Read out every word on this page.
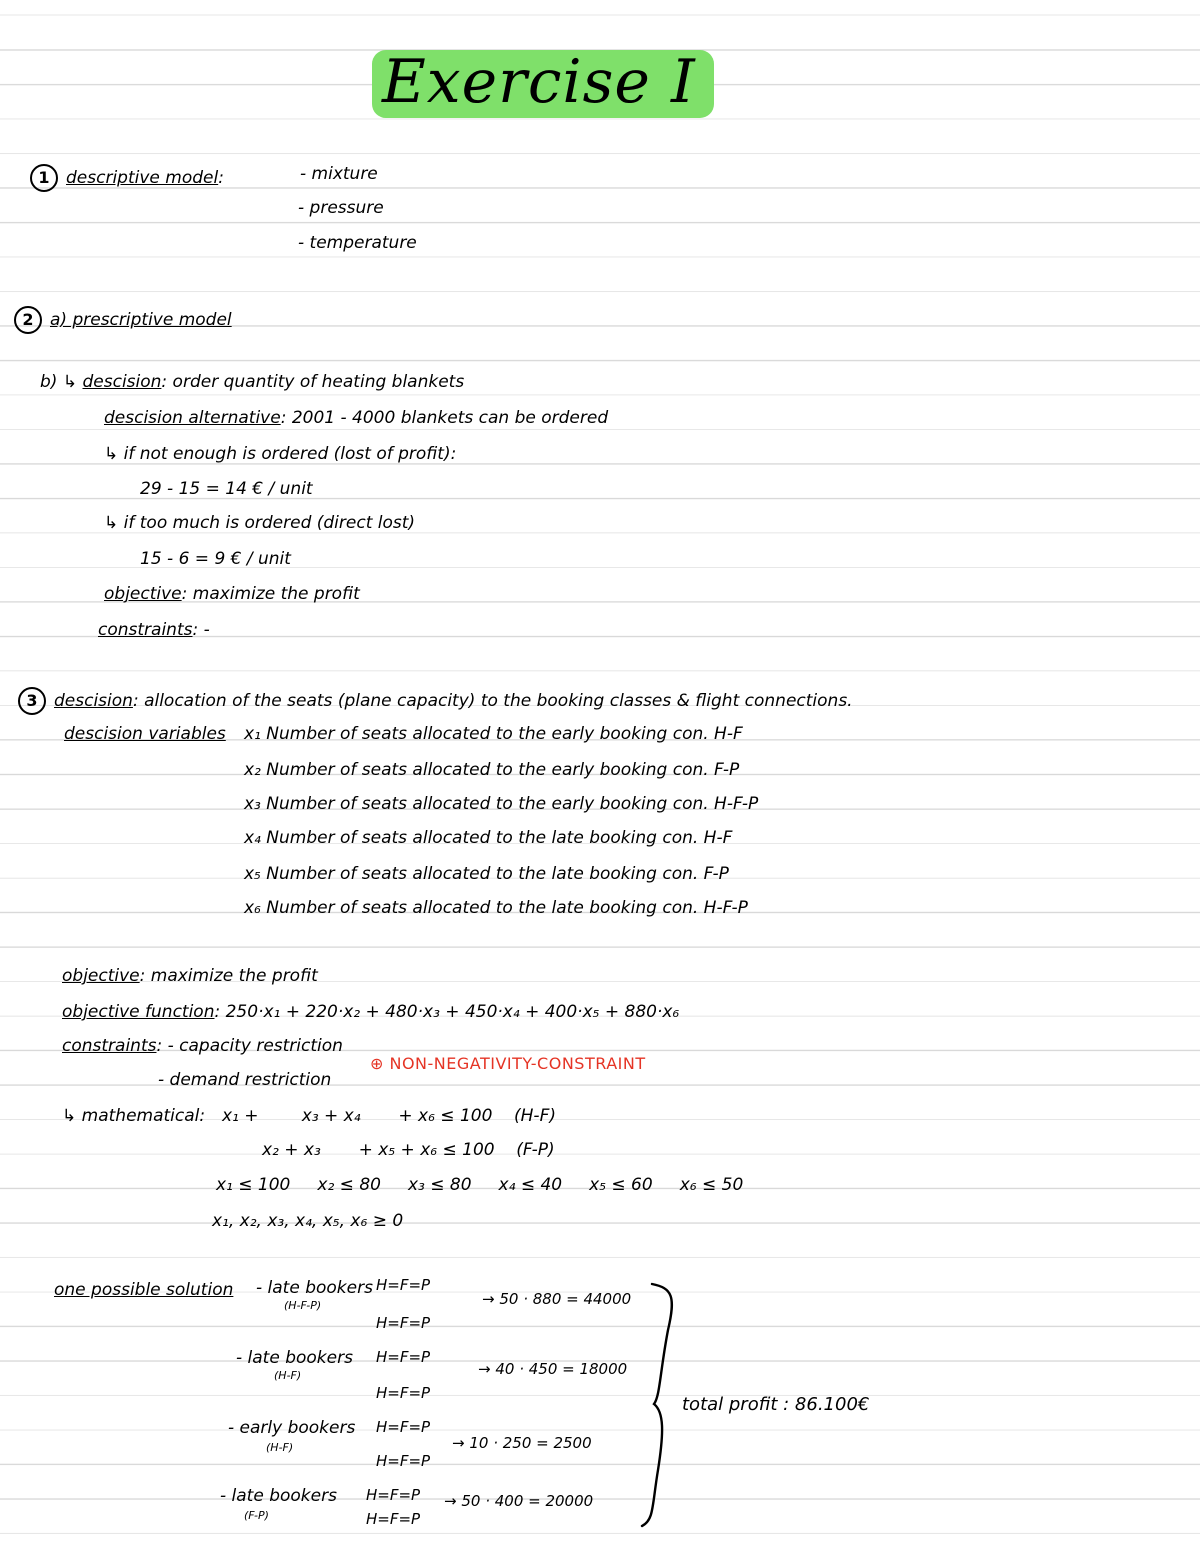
Exercise I
1 descriptive model:	- mixture
- pressure
- temperature
2 a) prescriptive model
b) ↳ descision: order quantity of heating blankets
descision alternative: 2001 - 4000 blankets can be ordered
↳ if not enough is ordered (lost of profit):
29 - 15 = 14 € / unit
↳ if too much is ordered (direct lost)
15 - 6 = 9 € / unit
objective: maximize the profit
constraints: -
3 descision: allocation of the seats (plane capacity) to the booking classes & flight connections.
descision variables x₁ Number of seats allocated to the early booking con. H-F
x₂ Number of seats allocated to the early booking con. F-P
x₃ Number of seats allocated to the early booking con. H-F-P
x₄ Number of seats allocated to the late booking con. H-F
x₅ Number of seats allocated to the late booking con. F-P
x₆ Number of seats allocated to the late booking con. H-F-P
objective: maximize the profit
objective function: 250·x₁ + 220·x₂ + 480·x₃ + 450·x₄ + 400·x₅ + 880·x₆
constraints: - capacity restriction
- demand restriction
⊕ NON-NEGATIVITY-CONSTRAINT
↳ mathematical: x₁ +        x₃ + x₄       + x₆ ≤ 100    (H-F)
x₂ + x₃       + x₅ + x₆ ≤ 100    (F-P)
x₁ ≤ 100     x₂ ≤ 80     x₃ ≤ 80     x₄ ≤ 40     x₅ ≤ 60     x₆ ≤ 50
x₁, x₂, x₃, x₄, x₅, x₆ ≥ 0
one possible solution - late bookers
(H-F-P)
H=F=P
H=F=P
→ 50 · 880 = 44000
- late bookers
(H-F)
H=F=P
H=F=P
→ 40 · 450 = 18000
- early bookers
(H-F)
H=F=P
H=F=P
→ 10 · 250 = 2500
- late bookers
(F-P)
H=F=P
H=F=P
→ 50 · 400 = 20000
total profit : 86.100€
